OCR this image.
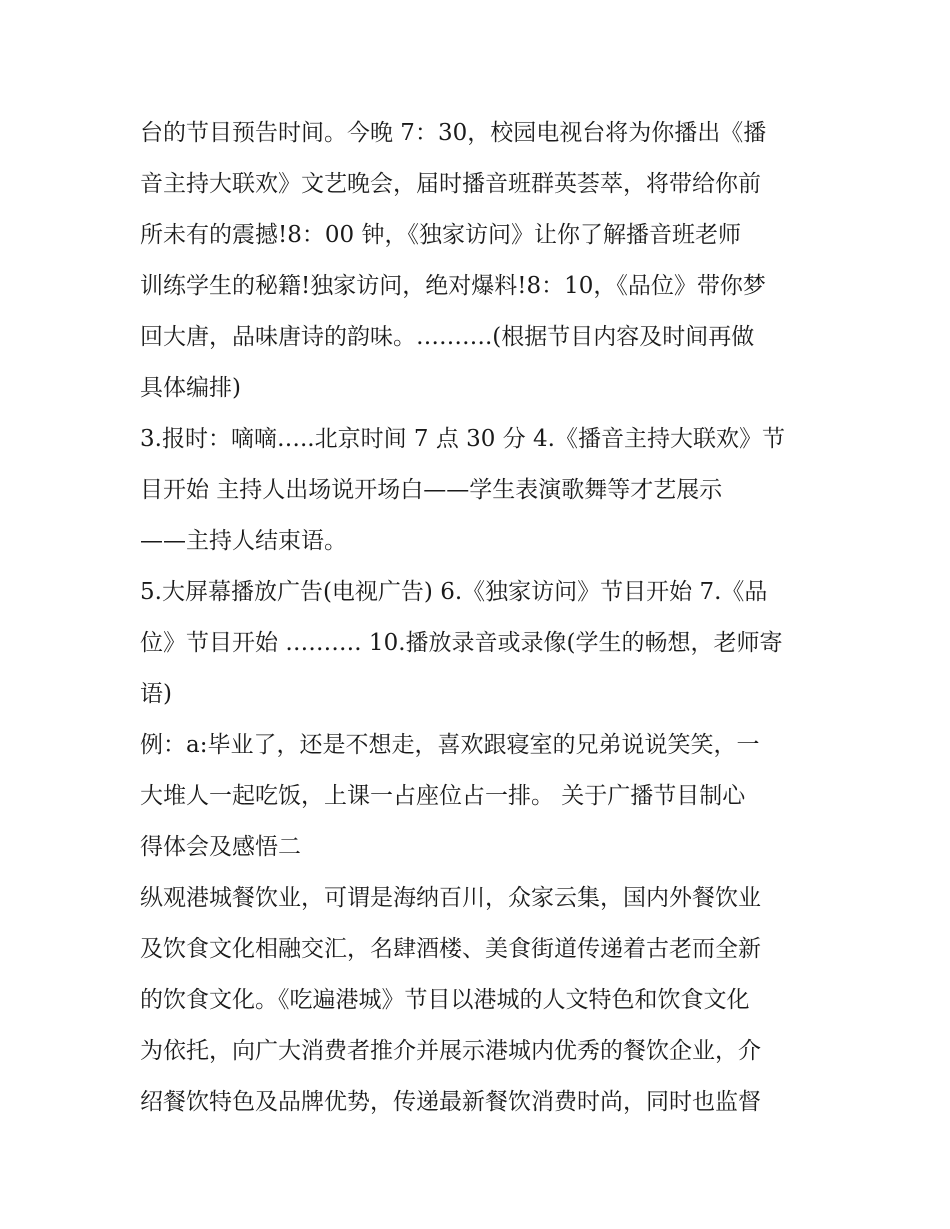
台的节目预告时间。今晚 7：30，校园电视台将为你播出《播
音主持大联欢》文艺晚会，届时播音班群英荟萃，将带给你前
所未有的震撼!8：00 钟，《独家访问》让你了解播音班老师
训练学生的秘籍!独家访问，绝对爆料!8：10，《品位》带你梦
回大唐，品味唐诗的韵味。……….(根据节目内容及时间再做
具体编排)
3.报时：嘀嘀…..北京时间 7 点 30 分 4.《播音主持大联欢》节
目开始 主持人出场说开场白——学生表演歌舞等才艺展示
——主持人结束语。
5.大屏幕播放广告(电视广告) 6.《独家访问》节目开始 7.《品
位》节目开始 ………. 10.播放录音或录像(学生的畅想，老师寄
语)
例：a:毕业了，还是不想走，喜欢跟寝室的兄弟说说笑笑，一
大堆人一起吃饭，上课一占座位占一排。 关于广播节目制心
得体会及感悟二
纵观港城餐饮业，可谓是海纳百川，众家云集，国内外餐饮业
及饮食文化相融交汇，名肆酒楼、美食街道传递着古老而全新
的饮食文化。《吃遍港城》节目以港城的人文特色和饮食文化
为依托，向广大消费者推介并展示港城内优秀的餐饮企业，介
绍餐饮特色及品牌优势，传递最新餐饮消费时尚，同时也监督
